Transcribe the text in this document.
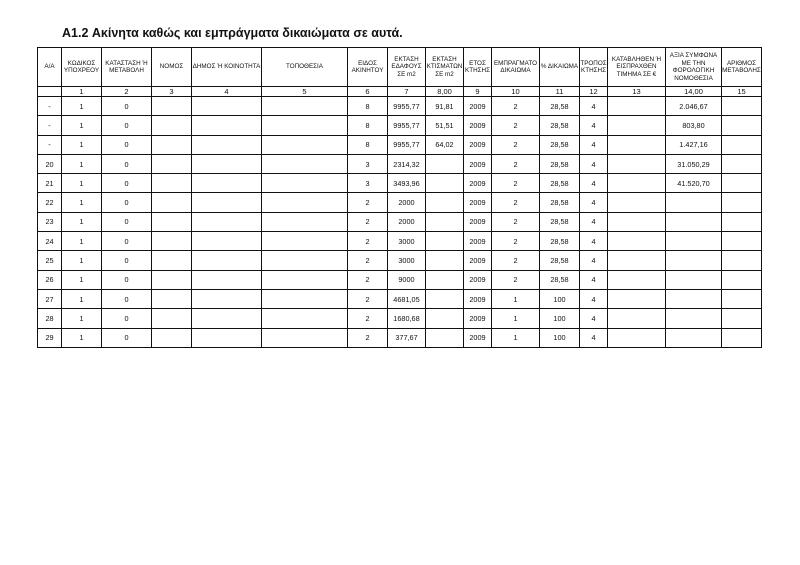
A1.2 Ακίνητα καθώς και εμπράγματα δικαιώματα σε αυτά.
Α/Α	ΚΩΔΙΚΟΣ ΥΠΟΧΡΕΟΥ	ΚΑΤΑΣΤΑΣΗ Ή ΜΕΤΑΒΟΛΗ	ΝΟΜΟΣ	ΔΗΜΟΣ Ή ΚΟΙΝΟΤΗΤΑ	ΤΟΠΟΘΕΣΙΑ	ΕΙΔΟΣ ΑΚΙΝΗΤΟΥ	ΕΚΤΑΣΗ ΕΔΑΦΟΥΣ ΣΕ m2	ΕΚΤΑΣΗ ΚΤΙΣΜΑΤΩΝ ΣΕ m2	ΕΤΟΣ ΚΤΗΣΗΣ	ΕΜΠΡΑΓΜΑΤΟ ΔΙΚΑΙΩΜΑ	% ΔΙΚΑΙΩΜΑ	ΤΡΟΠΟΣ ΚΤΗΣΗΣ	ΚΑΤΑΒΛΗΘΕΝ Ή ΕΙΣΠΡΑΧΘΕΝ ΤΙΜΗΜΑ ΣΕ €	ΑΞΙΑ ΣΥΜΦΩΝΑ ΜΕ ΤΗΝ ΦΟΡΟΛΟΓΙΚΗ ΝΟΜΟΘΕΣΙΑ	ΑΡΙΘΜΟΣ ΜΕΤΑΒΟΛΗΣ
	1	2	3	4	5	6	7	8,00	9	10	11	12	13	14,00	15
-	1	0				8	9955,77	91,81	2009	2	28,58	4		2.046,67	
-	1	0				8	9955,77	51,51	2009	2	28,58	4		803,80	
-	1	0				8	9955,77	64,02	2009	2	28,58	4		1.427,16	
20	1	0				3	2314,32		2009	2	28,58	4		31.050,29	
21	1	0				3	3493,96		2009	2	28,58	4		41.520,70	
22	1	0				2	2000		2009	2	28,58	4			
23	1	0				2	2000		2009	2	28,58	4			
24	1	0				2	3000		2009	2	28,58	4			
25	1	0				2	3000		2009	2	28,58	4			
26	1	0				2	9000		2009	2	28,58	4			
27	1	0				2	4681,05		2009	1	100	4			
28	1	0				2	1680,68		2009	1	100	4			
29	1	0				2	377,67		2009	1	100	4			
